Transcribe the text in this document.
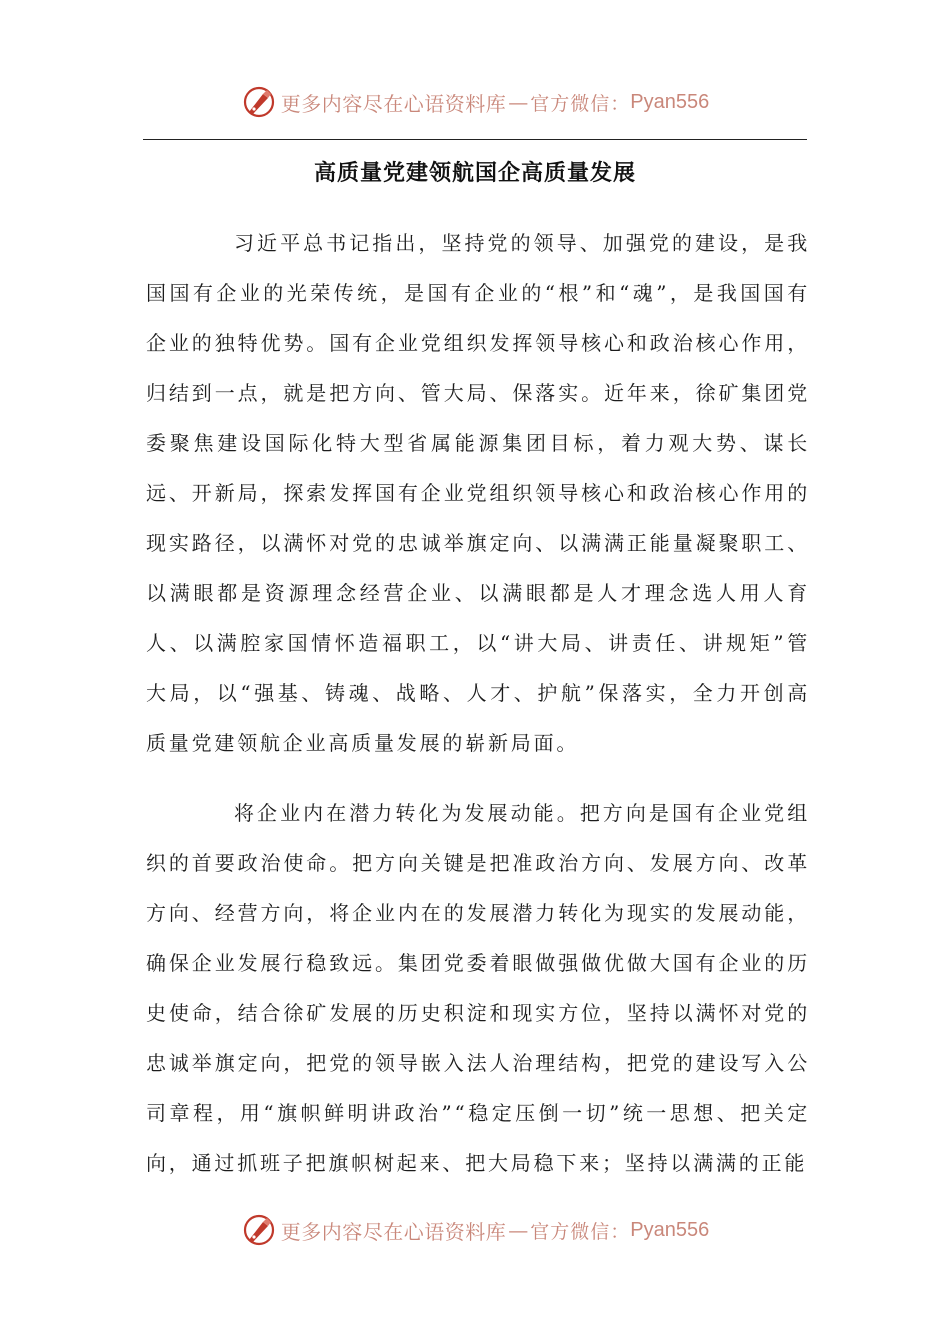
更多内容尽在心语资料库 — 官方微信： Pyan556
高质量党建领航国企高质量发展

习近平总书记指出，坚持党的领导、加强党的建设，是我国国有企业的光荣传统，是国有企业的“根”和“魂”，是我国国有企业的独特优势。国有企业党组织发挥领导核心和政治核心作用，归结到一点，就是把方向、管大局、保落实。近年来，徐矿集团党委聚焦建设国际化特大型省属能源集团目标，着力观大势、谋长远、开新局，探索发挥国有企业党组织领导核心和政治核心作用的现实路径，以满怀对党的忠诚举旗定向、以满满正能量凝聚职工、以满眼都是资源理念经营企业、以满眼都是人才理念选人用人育人、以满腔家国情怀造福职工，以“讲大局、讲责任、讲规矩”管大局，以“强基、铸魂、战略、人才、护航”保落实，全力开创高质量党建领航企业高质量发展的崭新局面。

将企业内在潜力转化为发展动能。把方向是国有企业党组织的首要政治使命。把方向关键是把准政治方向、发展方向、改革方向、经营方向，将企业内在的发展潜力转化为现实的发展动能，确保企业发展行稳致远。集团党委着眼做强做优做大国有企业的历史使命，结合徐矿发展的历史积淀和现实方位，坚持以满怀对党的忠诚举旗定向，把党的领导嵌入法人治理结构，把党的建设写入公司章程，用“旗帜鲜明讲政治”“稳定压倒一切”统一思想、把关定向，通过抓班子把旗帜树起来、把大局稳下来；坚持以满满的正能

更多内容尽在心语资料库 — 官方微信： Pyan556
